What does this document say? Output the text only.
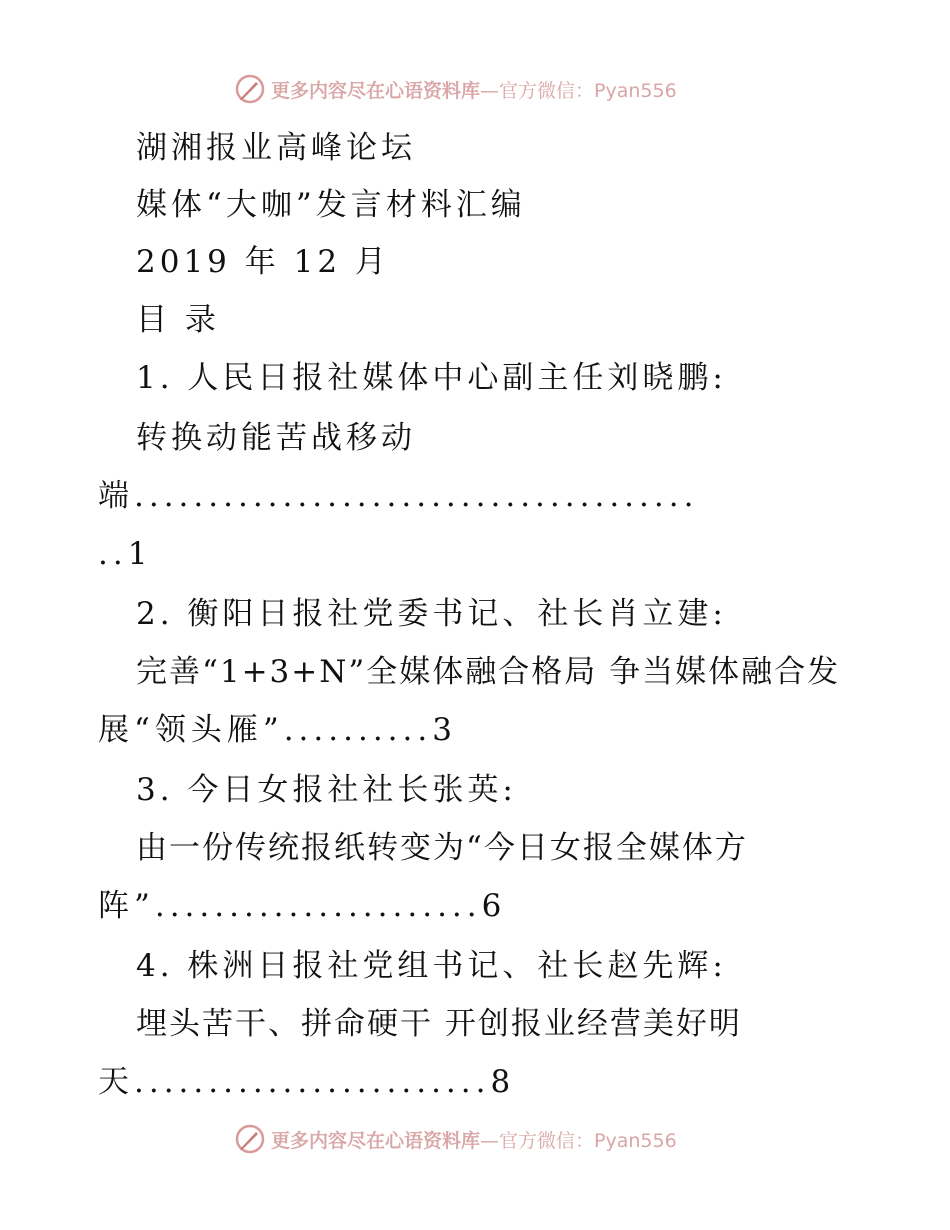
更多内容尽在心语资料库 —官方微信：Pyan556
湖湘报业高峰论坛
媒体“大咖”发言材料汇编
2019 年 12 月
目 录
1. 人民日报社媒体中心副主任刘晓鹏:
转换动能苦战移动
端......................................
..1
2. 衡阳日报社党委书记、社长肖立建:
完善“1+3+N”全媒体融合格局 争当媒体融合发
展“领头雁”..........3
3. 今日女报社社长张英:
由一份传统报纸转变为“今日女报全媒体方
阵”......................6
4. 株洲日报社党组书记、社长赵先辉:
埋头苦干、拼命硬干 开创报业经营美好明
天........................8
更多内容尽在心语资料库 —官方微信：Pyan556
